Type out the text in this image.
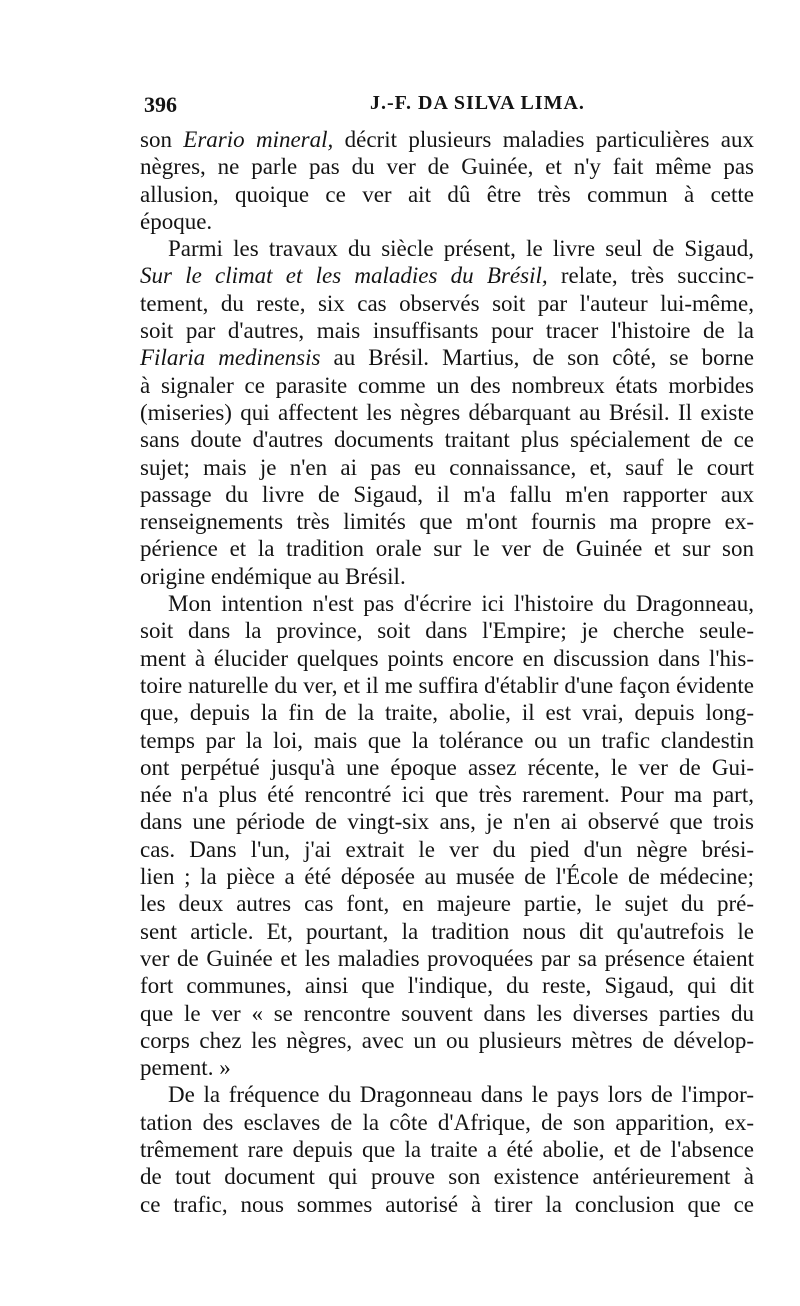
396	J.-F. DA SILVA LIMA.
son Erario mineral, décrit plusieurs maladies particulières aux
nègres, ne parle pas du ver de Guinée, et n'y fait même pas
allusion, quoique ce ver ait dû être très commun à cette
époque.
Parmi les travaux du siècle présent, le livre seul de Sigaud,
Sur le climat et les maladies du Brésil, relate, très succinc-
tement, du reste, six cas observés soit par l'auteur lui-même,
soit par d'autres, mais insuffisants pour tracer l'histoire de la
Filaria medinensis au Brésil. Martius, de son côté, se borne
à signaler ce parasite comme un des nombreux états morbides
(miseries) qui affectent les nègres débarquant au Brésil. Il existe
sans doute d'autres documents traitant plus spécialement de ce
sujet; mais je n'en ai pas eu connaissance, et, sauf le court
passage du livre de Sigaud, il m'a fallu m'en rapporter aux
renseignements très limités que m'ont fournis ma propre ex-
périence et la tradition orale sur le ver de Guinée et sur son
origine endémique au Brésil.
Mon intention n'est pas d'écrire ici l'histoire du Dragonneau,
soit dans la province, soit dans l'Empire; je cherche seule-
ment à élucider quelques points encore en discussion dans l'his-
toire naturelle du ver, et il me suffira d'établir d'une façon évidente
que, depuis la fin de la traite, abolie, il est vrai, depuis long-
temps par la loi, mais que la tolérance ou un trafic clandestin
ont perpétué jusqu'à une époque assez récente, le ver de Gui-
née n'a plus été rencontré ici que très rarement. Pour ma part,
dans une période de vingt-six ans, je n'en ai observé que trois
cas. Dans l'un, j'ai extrait le ver du pied d'un nègre brési-
lien ; la pièce a été déposée au musée de l'École de médecine;
les deux autres cas font, en majeure partie, le sujet du pré-
sent article. Et, pourtant, la tradition nous dit qu'autrefois le
ver de Guinée et les maladies provoquées par sa présence étaient
fort communes, ainsi que l'indique, du reste, Sigaud, qui dit
que le ver « se rencontre souvent dans les diverses parties du
corps chez les nègres, avec un ou plusieurs mètres de dévelop-
pement. »
De la fréquence du Dragonneau dans le pays lors de l'impor-
tation des esclaves de la côte d'Afrique, de son apparition, ex-
trêmement rare depuis que la traite a été abolie, et de l'absence
de tout document qui prouve son existence antérieurement à
ce trafic, nous sommes autorisé à tirer la conclusion que ce
